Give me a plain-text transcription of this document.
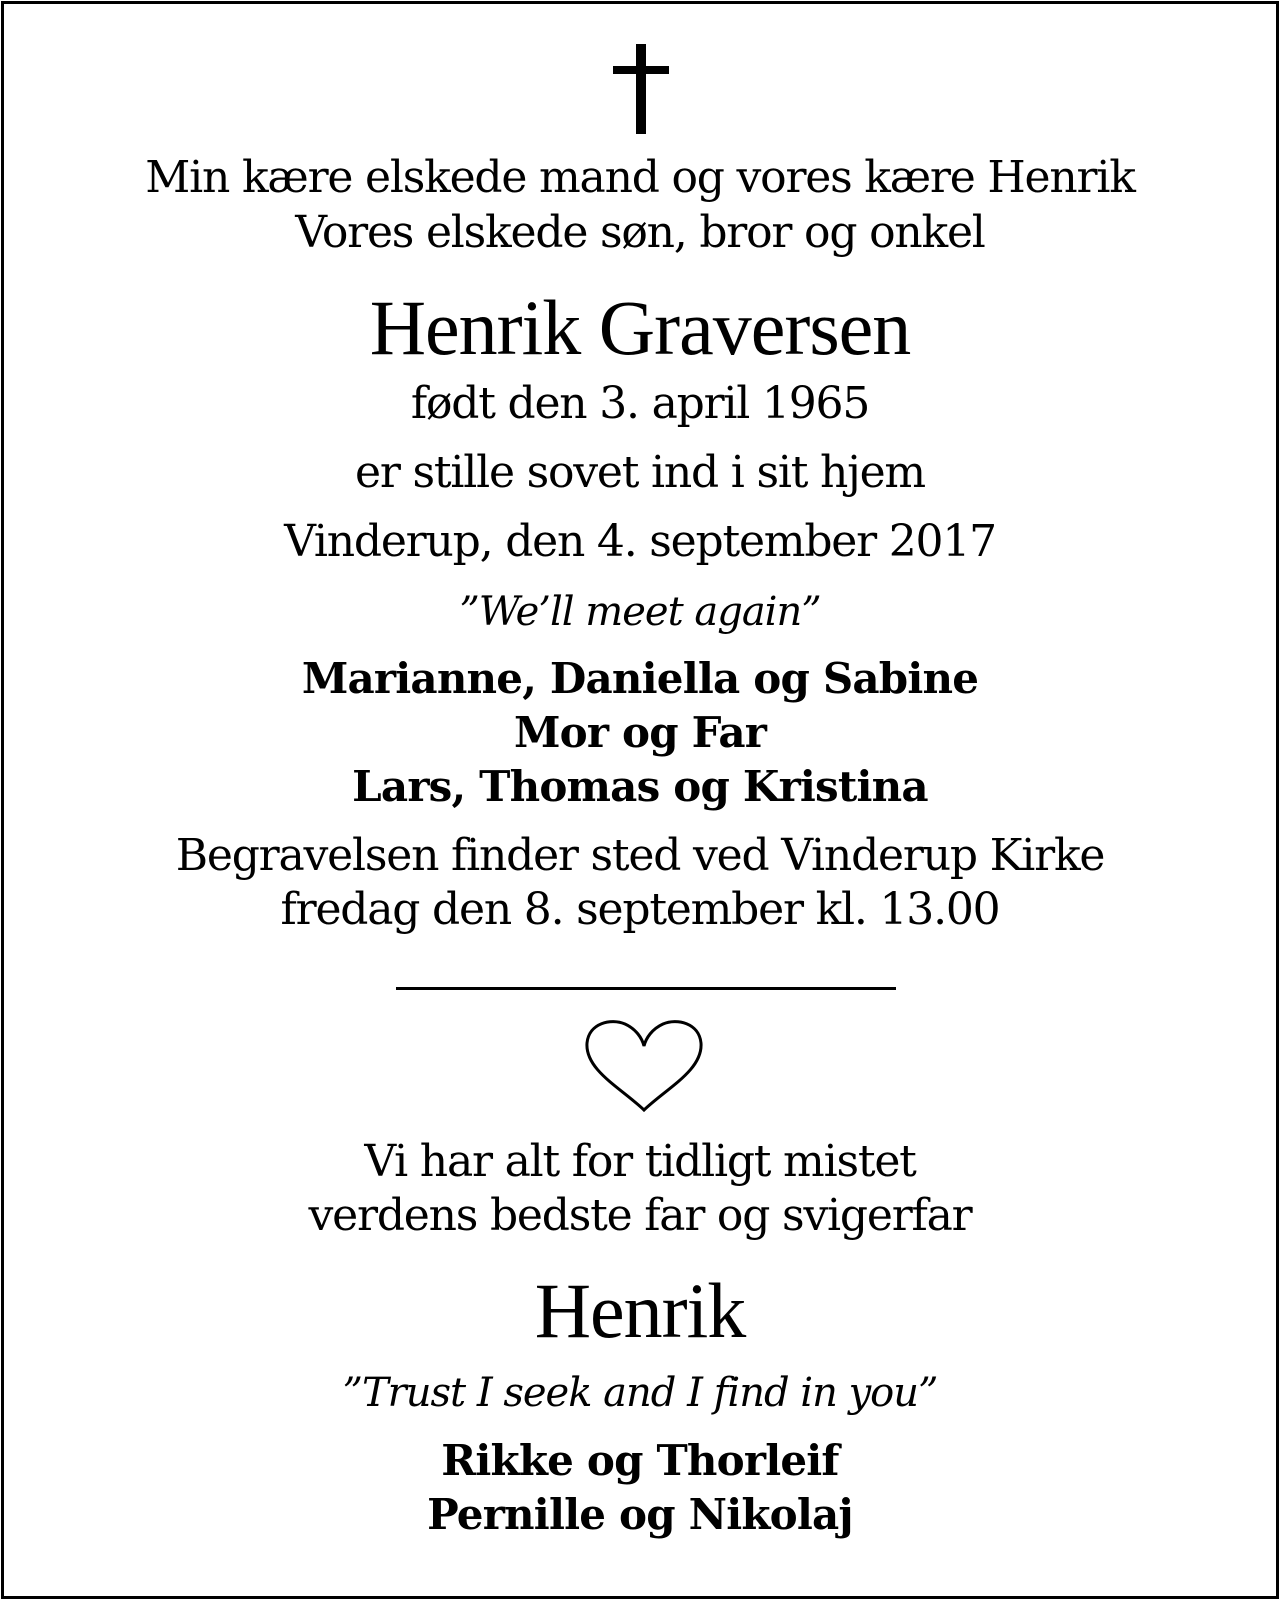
Min kære elskede mand og vores kære Henrik
Vores elskede søn, bror og onkel
Henrik Graversen
født den 3. april 1965
er stille sovet ind i sit hjem
Vinderup, den 4. september 2017
”We’ll meet again”
Marianne, Daniella og Sabine
Mor og Far
Lars, Thomas og Kristina
Begravelsen finder sted ved Vinderup Kirke
fredag den 8. september kl. 13.00
Vi har alt for tidligt mistet
verdens bedste far og svigerfar
Henrik
”Trust I seek and I find in you”
Rikke og Thorleif
Pernille og Nikolaj
